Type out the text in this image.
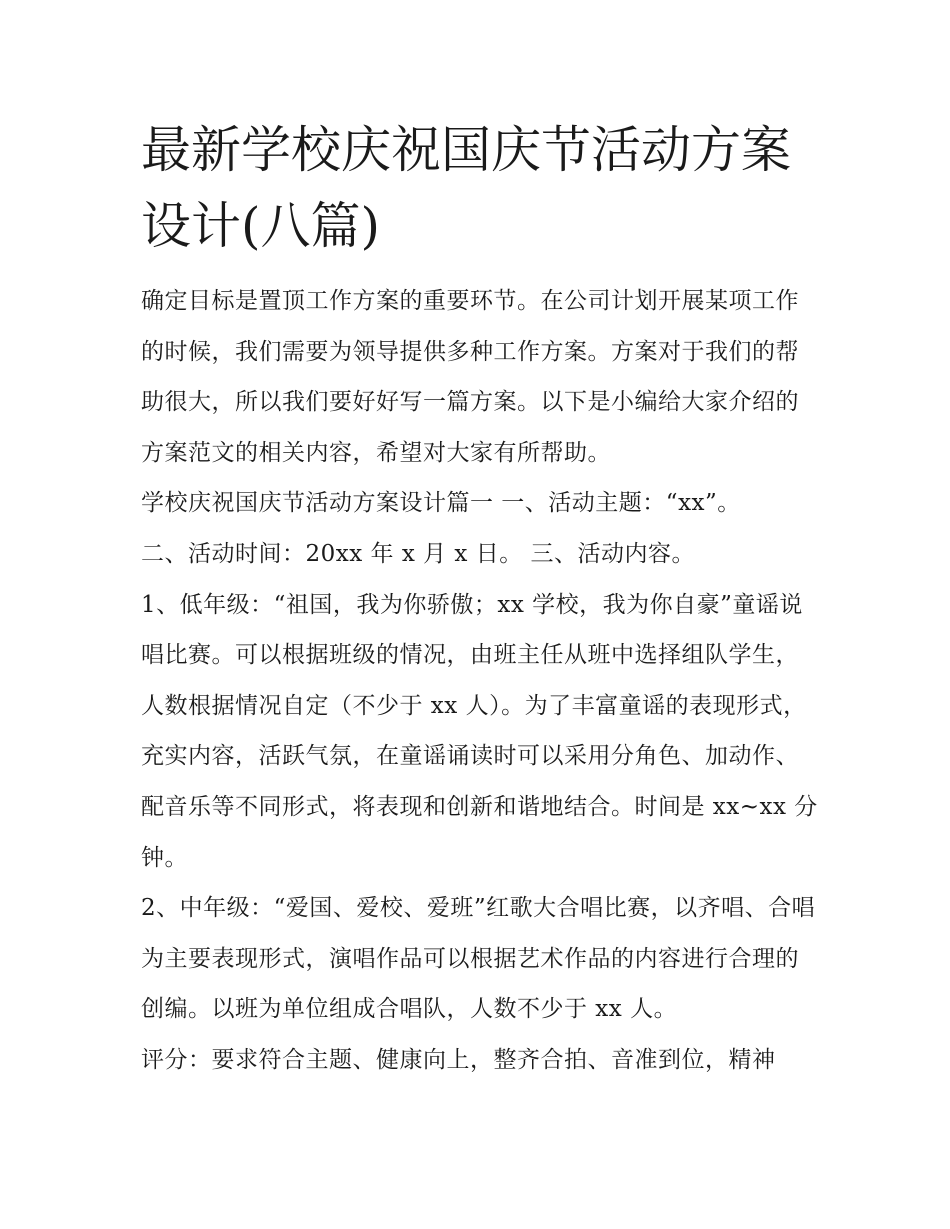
最新学校庆祝国庆节活动方案设计(八篇)

确定目标是置顶工作方案的重要环节。在公司计划开展某项工作的时候，我们需要为领导提供多种工作方案。方案对于我们的帮助很大，所以我们要好好写一篇方案。以下是小编给大家介绍的方案范文的相关内容，希望对大家有所帮助。

学校庆祝国庆节活动方案设计篇一 一、活动主题：“xx”。

二、活动时间：20xx 年 x 月 x 日。 三、活动内容。

1、低年级：“祖国，我为你骄傲；xx 学校，我为你自豪”童谣说唱比赛。可以根据班级的情况，由班主任从班中选择组队学生，人数根据情况自定（不少于 xx 人）。为了丰富童谣的表现形式，充实内容，活跃气氛，在童谣诵读时可以采用分角色、加动作、配音乐等不同形式，将表现和创新和谐地结合。时间是 xx~xx 分钟。

2、中年级：“爱国、爱校、爱班”红歌大合唱比赛，以齐唱、合唱为主要表现形式，演唱作品可以根据艺术作品的内容进行合理的创编。以班为单位组成合唱队，人数不少于 xx 人。

评分：要求符合主题、健康向上，整齐合拍、音准到位，精神
